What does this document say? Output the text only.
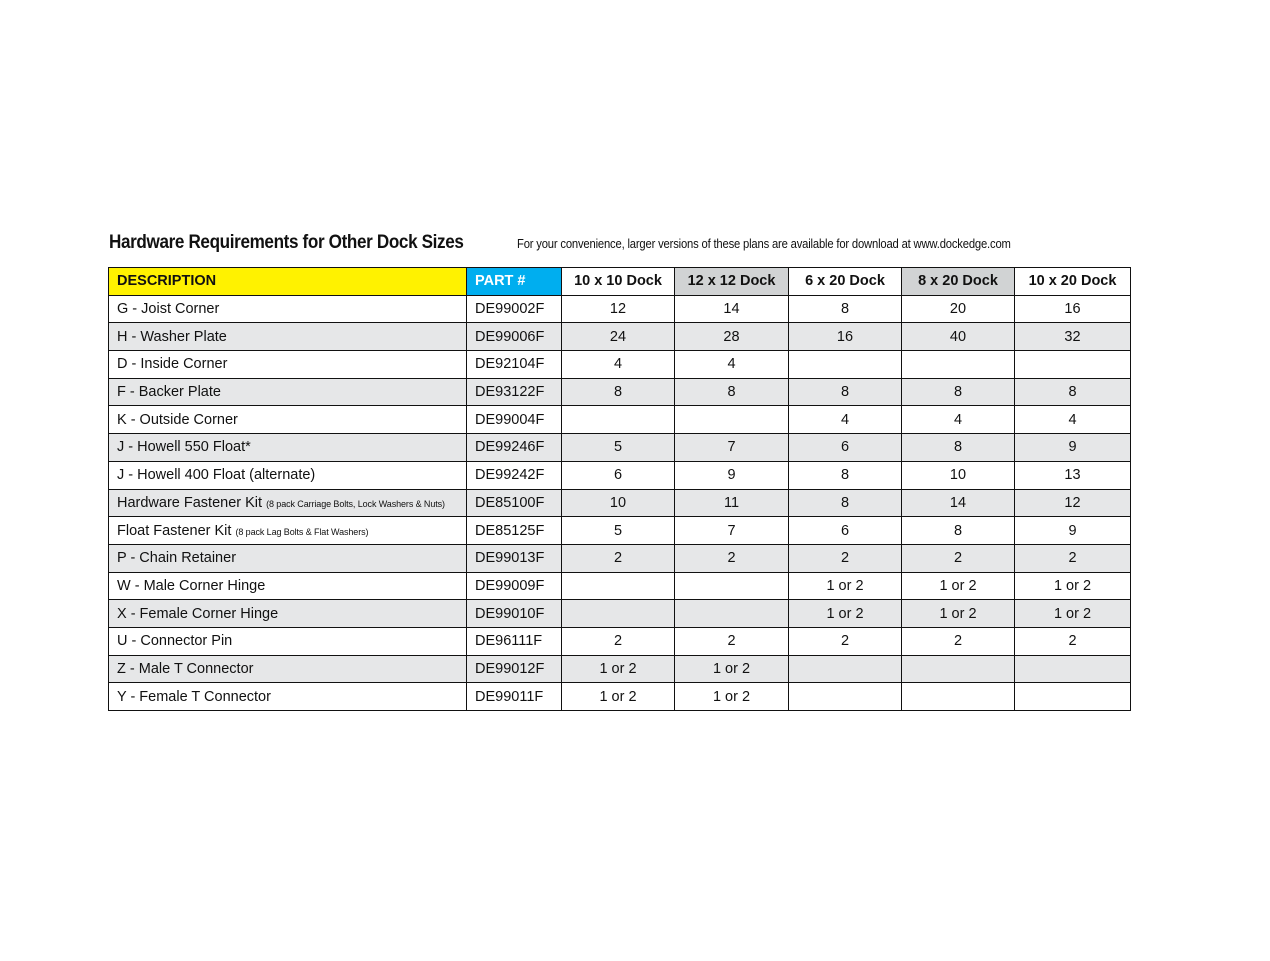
Hardware Requirements for Other Dock Sizes	For your convenience, larger versions of these plans are available for download at www.dockedge.com
DESCRIPTION	PART #	10 x 10 Dock	12 x 12 Dock	6 x 20 Dock	8 x 20 Dock	10 x 20 Dock
G - Joist Corner	DE99002F	12	14	8	20	16
H - Washer Plate	DE99006F	24	28	16	40	32
D - Inside Corner	DE92104F	4	4			
F - Backer Plate	DE93122F	8	8	8	8	8
K - Outside Corner	DE99004F			4	4	4
J - Howell 550 Float*	DE99246F	5	7	6	8	9
J - Howell 400 Float (alternate)	DE99242F	6	9	8	10	13
Hardware Fastener Kit (8 pack Carriage Bolts, Lock Washers & Nuts)	DE85100F	10	11	8	14	12
Float Fastener Kit (8 pack Lag Bolts & Flat Washers)	DE85125F	5	7	6	8	9
P - Chain Retainer	DE99013F	2	2	2	2	2
W - Male Corner Hinge	DE99009F			1 or 2	1 or 2	1 or 2
X - Female Corner Hinge	DE99010F			1 or 2	1 or 2	1 or 2
U - Connector Pin	DE96111F	2	2	2	2	2
Z - Male T Connector	DE99012F	1 or 2	1 or 2			
Y - Female T Connector	DE99011F	1 or 2	1 or 2			
